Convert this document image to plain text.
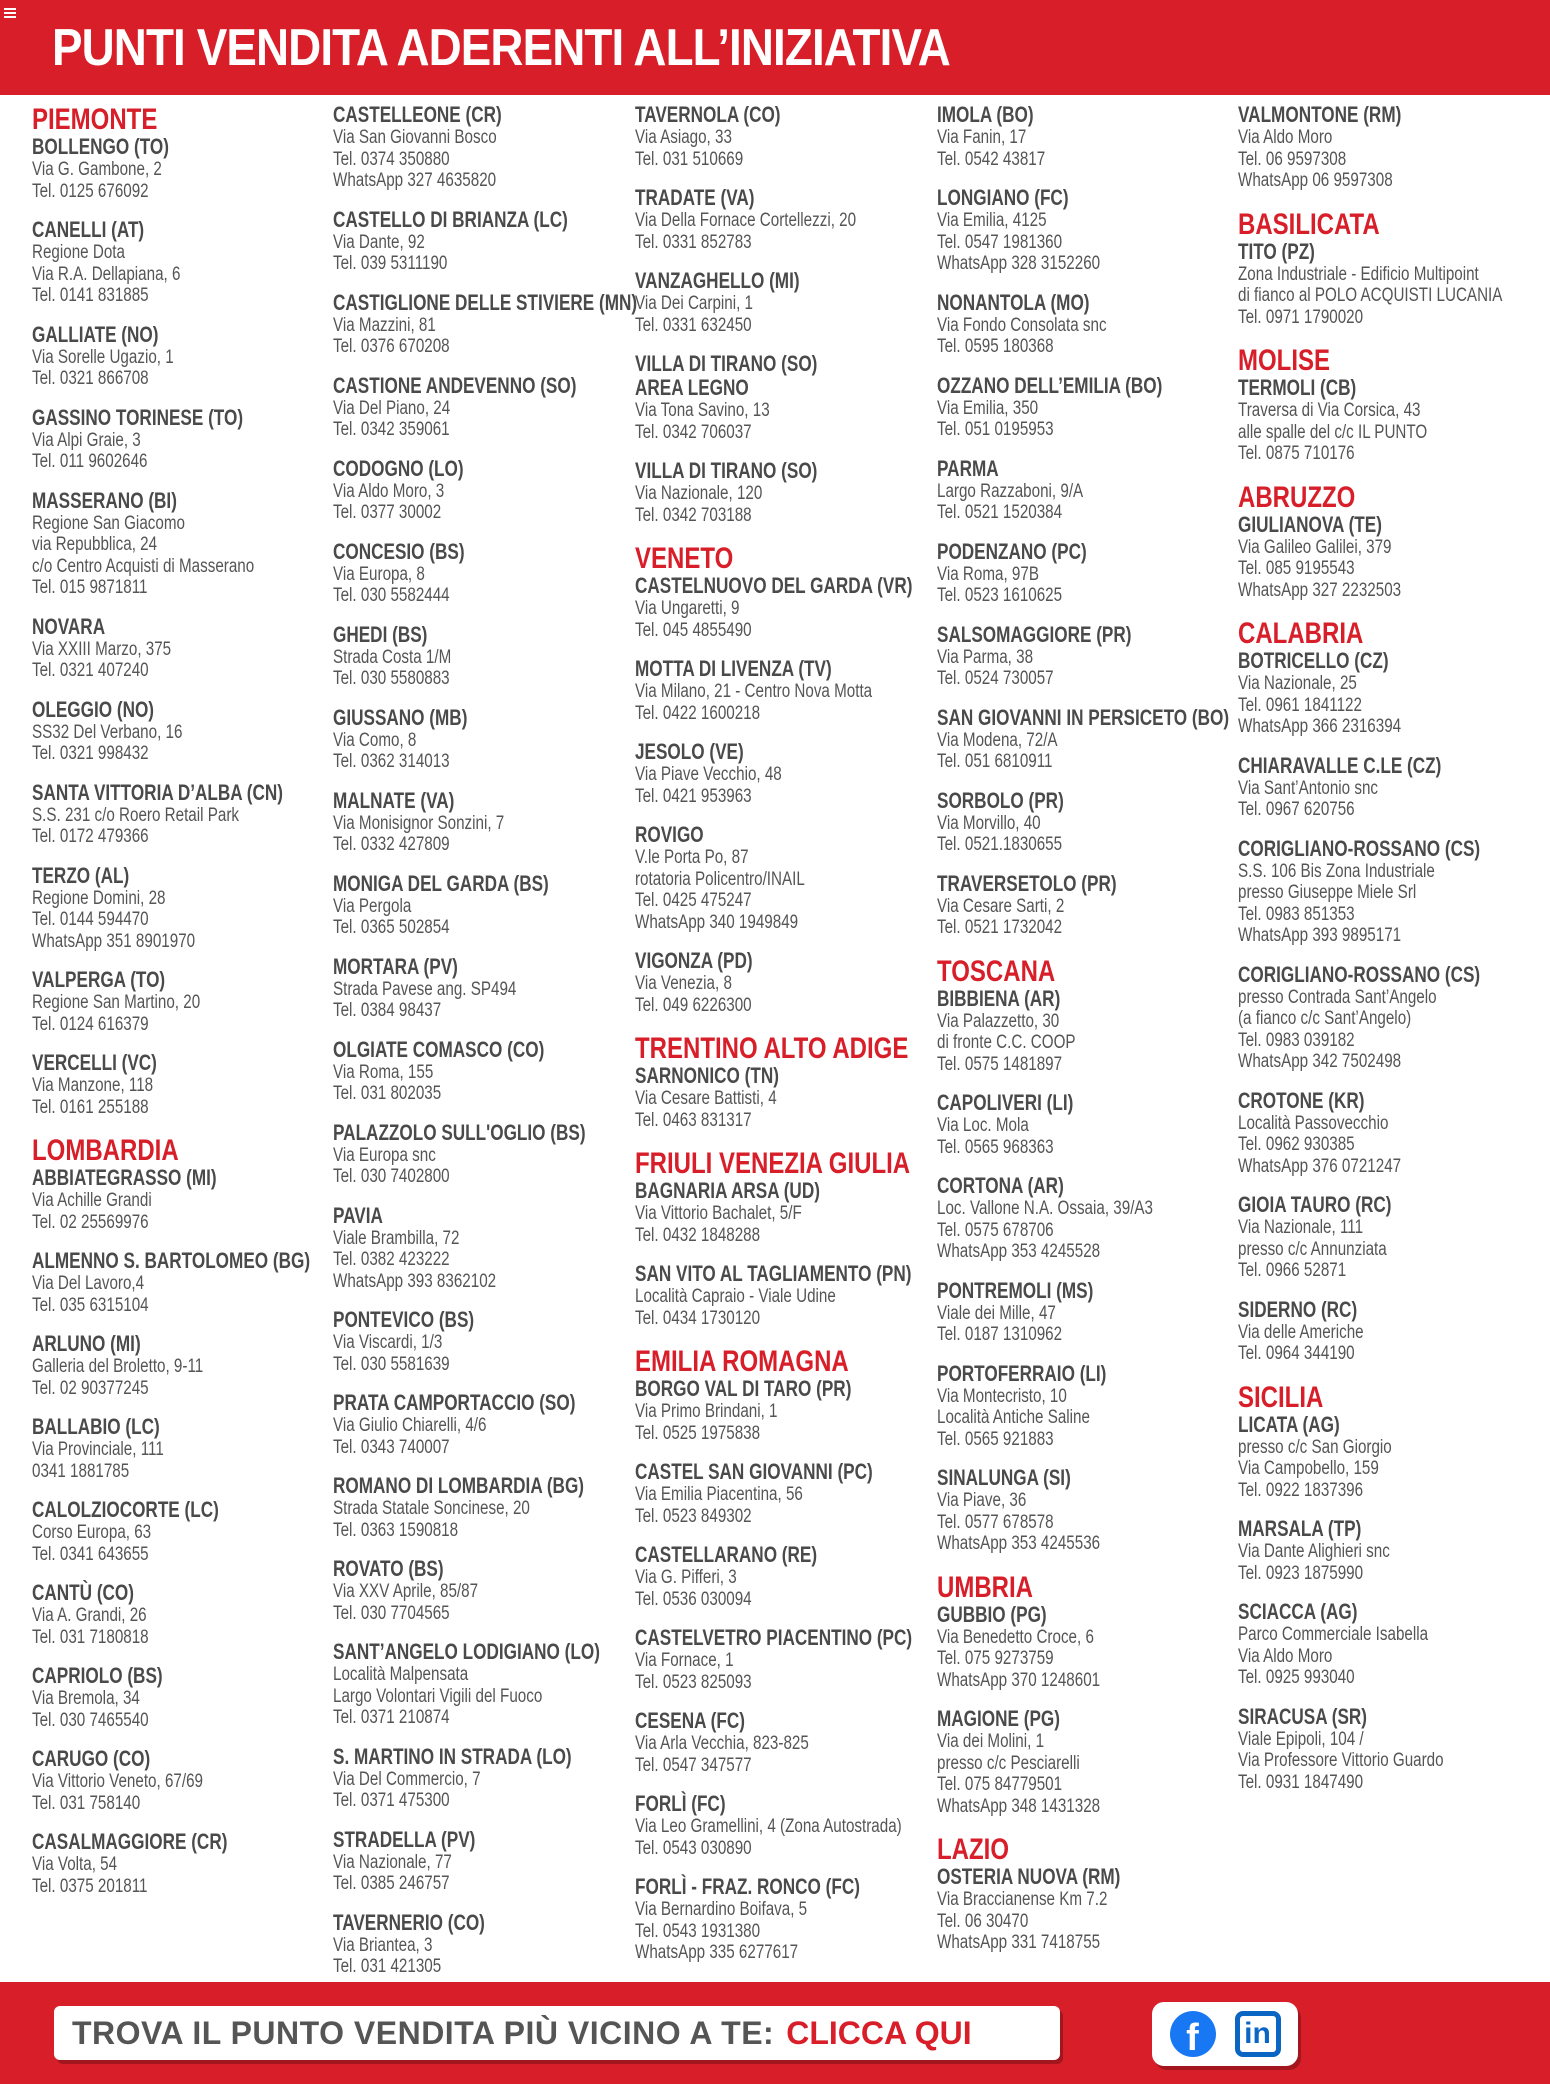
PUNTI VENDITA ADERENTI ALL’INIZIATIVA
PIEMONTE
BOLLENGO (TO)
Via G. Gambone, 2
Tel. 0125 676092
CANELLI (AT)
Regione Dota
Via R.A. Dellapiana, 6
Tel. 0141 831885
GALLIATE (NO)
Via Sorelle Ugazio, 1
Tel. 0321 866708
GASSINO TORINESE (TO)
Via Alpi Graie, 3
Tel. 011 9602646
MASSERANO (BI)
Regione San Giacomo
via Repubblica, 24
c/o Centro Acquisti di Masserano
Tel. 015 9871811
NOVARA
Via XXIII Marzo, 375
Tel. 0321 407240
OLEGGIO (NO)
SS32 Del Verbano, 16
Tel. 0321 998432
SANTA VITTORIA D’ALBA (CN)
S.S. 231 c/o Roero Retail Park
Tel. 0172 479366
TERZO (AL)
Regione Domini, 28
Tel. 0144 594470
WhatsApp 351 8901970
VALPERGA (TO)
Regione San Martino, 20
Tel. 0124 616379
VERCELLI (VC)
Via Manzone, 118
Tel. 0161 255188
LOMBARDIA
ABBIATEGRASSO (MI)
Via Achille Grandi
Tel. 02 25569976
ALMENNO S. BARTOLOMEO (BG)
Via Del Lavoro,4
Tel. 035 6315104
ARLUNO (MI)
Galleria del Broletto, 9-11
Tel. 02 90377245
BALLABIO (LC)
Via Provinciale, 111
0341 1881785
CALOLZIOCORTE (LC)
Corso Europa, 63
Tel. 0341 643655
CANTÙ (CO)
Via A. Grandi, 26
Tel. 031 7180818
CAPRIOLO (BS)
Via Bremola, 34
Tel. 030 7465540
CARUGO (CO)
Via Vittorio Veneto, 67/69
Tel. 031 758140
CASALMAGGIORE (CR)
Via Volta, 54
Tel. 0375 201811
CASTELLEONE (CR)
Via San Giovanni Bosco
Tel. 0374 350880
WhatsApp 327 4635820
CASTELLO DI BRIANZA (LC)
Via Dante, 92
Tel. 039 5311190
CASTIGLIONE DELLE STIVIERE (MN)
Via Mazzini, 81
Tel. 0376 670208
CASTIONE ANDEVENNO (SO)
Via Del Piano, 24
Tel. 0342 359061
CODOGNO (LO)
Via Aldo Moro, 3
Tel. 0377 30002
CONCESIO (BS)
Via Europa, 8
Tel. 030 5582444
GHEDI (BS)
Strada Costa 1/M
Tel. 030 5580883
GIUSSANO (MB)
Via Como, 8
Tel. 0362 314013
MALNATE (VA)
Via Monisignor Sonzini, 7
Tel. 0332 427809
MONIGA DEL GARDA (BS)
Via Pergola
Tel. 0365 502854
MORTARA (PV)
Strada Pavese ang. SP494
Tel. 0384 98437
OLGIATE COMASCO (CO)
Via Roma, 155
Tel. 031 802035
PALAZZOLO SULL'OGLIO (BS)
Via Europa snc
Tel. 030 7402800
PAVIA
Viale Brambilla, 72
Tel. 0382 423222
WhatsApp 393 8362102
PONTEVICO (BS)
Via Viscardi, 1/3
Tel. 030 5581639
PRATA CAMPORTACCIO (SO)
Via Giulio Chiarelli, 4/6
Tel. 0343 740007
ROMANO DI LOMBARDIA (BG)
Strada Statale Soncinese, 20
Tel. 0363 1590818
ROVATO (BS)
Via XXV Aprile, 85/87
Tel. 030 7704565
SANT’ANGELO LODIGIANO (LO)
Località Malpensata
Largo Volontari Vigili del Fuoco
Tel. 0371 210874
S. MARTINO IN STRADA (LO)
Via Del Commercio, 7
Tel. 0371 475300
STRADELLA (PV)
Via Nazionale, 77
Tel. 0385 246757
TAVERNERIO (CO)
Via Briantea, 3
Tel. 031 421305
TAVERNOLA (CO)
Via Asiago, 33
Tel. 031 510669
TRADATE (VA)
Via Della Fornace Cortellezzi, 20
Tel. 0331 852783
VANZAGHELLO (MI)
Via Dei Carpini, 1
Tel. 0331 632450
VILLA DI TIRANO (SO)
AREA LEGNO
Via Tona Savino, 13
Tel. 0342 706037
VILLA DI TIRANO (SO)
Via Nazionale, 120
Tel. 0342 703188
VENETO
CASTELNUOVO DEL GARDA (VR)
Via Ungaretti, 9
Tel. 045 4855490
MOTTA DI LIVENZA (TV)
Via Milano, 21 - Centro Nova Motta
Tel. 0422 1600218
JESOLO (VE)
Via Piave Vecchio, 48
Tel. 0421 953963
ROVIGO
V.le Porta Po, 87
rotatoria Policentro/INAIL
Tel. 0425 475247
WhatsApp 340 1949849
VIGONZA (PD)
Via Venezia, 8
Tel. 049 6226300
TRENTINO ALTO ADIGE
SARNONICO (TN)
Via Cesare Battisti, 4
Tel. 0463 831317
FRIULI VENEZIA GIULIA
BAGNARIA ARSA (UD)
Via Vittorio Bachalet, 5/F
Tel. 0432 1848288
SAN VITO AL TAGLIAMENTO (PN)
Località Capraio - Viale Udine
Tel. 0434 1730120
EMILIA ROMAGNA
BORGO VAL DI TARO (PR)
Via Primo Brindani, 1
Tel. 0525 1975838
CASTEL SAN GIOVANNI (PC)
Via Emilia Piacentina, 56
Tel. 0523 849302
CASTELLARANO (RE)
Via G. Pifferi, 3
Tel. 0536 030094
CASTELVETRO PIACENTINO (PC)
Via Fornace, 1
Tel. 0523 825093
CESENA (FC)
Via Arla Vecchia, 823-825
Tel. 0547 347577
FORLÌ (FC)
Via Leo Gramellini, 4 (Zona Autostrada)
Tel. 0543 030890
FORLÌ - FRAZ. RONCO (FC)
Via Bernardino Boifava, 5
Tel. 0543 1931380
WhatsApp 335 6277617
IMOLA (BO)
Via Fanin, 17
Tel. 0542 43817
LONGIANO (FC)
Via Emilia, 4125
Tel. 0547 1981360
WhatsApp 328 3152260
NONANTOLA (MO)
Via Fondo Consolata snc
Tel. 0595 180368
OZZANO DELL’EMILIA (BO)
Via Emilia, 350
Tel. 051 0195953
PARMA
Largo Razzaboni, 9/A
Tel. 0521 1520384
PODENZANO (PC)
Via Roma, 97B
Tel. 0523 1610625
SALSOMAGGIORE (PR)
Via Parma, 38
Tel. 0524 730057
SAN GIOVANNI IN PERSICETO (BO)
Via Modena, 72/A
Tel. 051 6810911
SORBOLO (PR)
Via Morvillo, 40
Tel. 0521.1830655
TRAVERSETOLO (PR)
Via Cesare Sarti, 2
Tel. 0521 1732042
TOSCANA
BIBBIENA (AR)
Via Palazzetto, 30
di fronte C.C. COOP
Tel. 0575 1481897
CAPOLIVERI (LI)
Via Loc. Mola
Tel. 0565 968363
CORTONA (AR)
Loc. Vallone N.A. Ossaia, 39/A3
Tel. 0575 678706
WhatsApp 353 4245528
PONTREMOLI (MS)
Viale dei Mille, 47
Tel. 0187 1310962
PORTOFERRAIO (LI)
Via Montecristo, 10
Località Antiche Saline
Tel. 0565 921883
SINALUNGA (SI)
Via Piave, 36
Tel. 0577 678578
WhatsApp 353 4245536
UMBRIA
GUBBIO (PG)
Via Benedetto Croce, 6
Tel. 075 9273759
WhatsApp 370 1248601
MAGIONE (PG)
Via dei Molini, 1
presso c/c Pesciarelli
Tel. 075 84779501
WhatsApp 348 1431328
LAZIO
OSTERIA NUOVA (RM)
Via Braccianense Km 7.2
Tel. 06 30470
WhatsApp 331 7418755
VALMONTONE (RM)
Via Aldo Moro
Tel. 06 9597308
WhatsApp 06 9597308
BASILICATA
TITO (PZ)
Zona Industriale - Edificio Multipoint
di fianco al POLO ACQUISTI LUCANIA
Tel. 0971 1790020
MOLISE
TERMOLI (CB)
Traversa di Via Corsica, 43
alle spalle del c/c IL PUNTO
Tel. 0875 710176
ABRUZZO
GIULIANOVA (TE)
Via Galileo Galilei, 379
Tel. 085 9195543
WhatsApp 327 2232503
CALABRIA
BOTRICELLO (CZ)
Via Nazionale, 25
Tel. 0961 1841122
WhatsApp 366 2316394
CHIARAVALLE C.LE (CZ)
Via Sant’Antonio snc
Tel. 0967 620756
CORIGLIANO-ROSSANO (CS)
S.S. 106 Bis Zona Industriale
presso Giuseppe Miele Srl
Tel. 0983 851353
WhatsApp 393 9895171
CORIGLIANO-ROSSANO (CS)
presso Contrada Sant’Angelo
(a fianco c/c Sant’Angelo)
Tel. 0983 039182
WhatsApp 342 7502498
CROTONE (KR)
Località Passovecchio
Tel. 0962 930385
WhatsApp 376 0721247
GIOIA TAURO (RC)
Via Nazionale, 111
presso c/c Annunziata
Tel. 0966 52871
SIDERNO (RC)
Via delle Americhe
Tel. 0964 344190
SICILIA
LICATA (AG)
presso c/c San Giorgio
Via Campobello, 159
Tel. 0922 1837396
MARSALA (TP)
Via Dante Alighieri snc
Tel. 0923 1875990
SCIACCA (AG)
Parco Commerciale Isabella
Via Aldo Moro
Tel. 0925 993040
SIRACUSA (SR)
Viale Epipoli, 104 /
Via Professore Vittorio Guardo
Tel. 0931 1847490
TROVA IL PUNTO VENDITA PIÙ VICINO A TE: CLICCA QUI	f in
